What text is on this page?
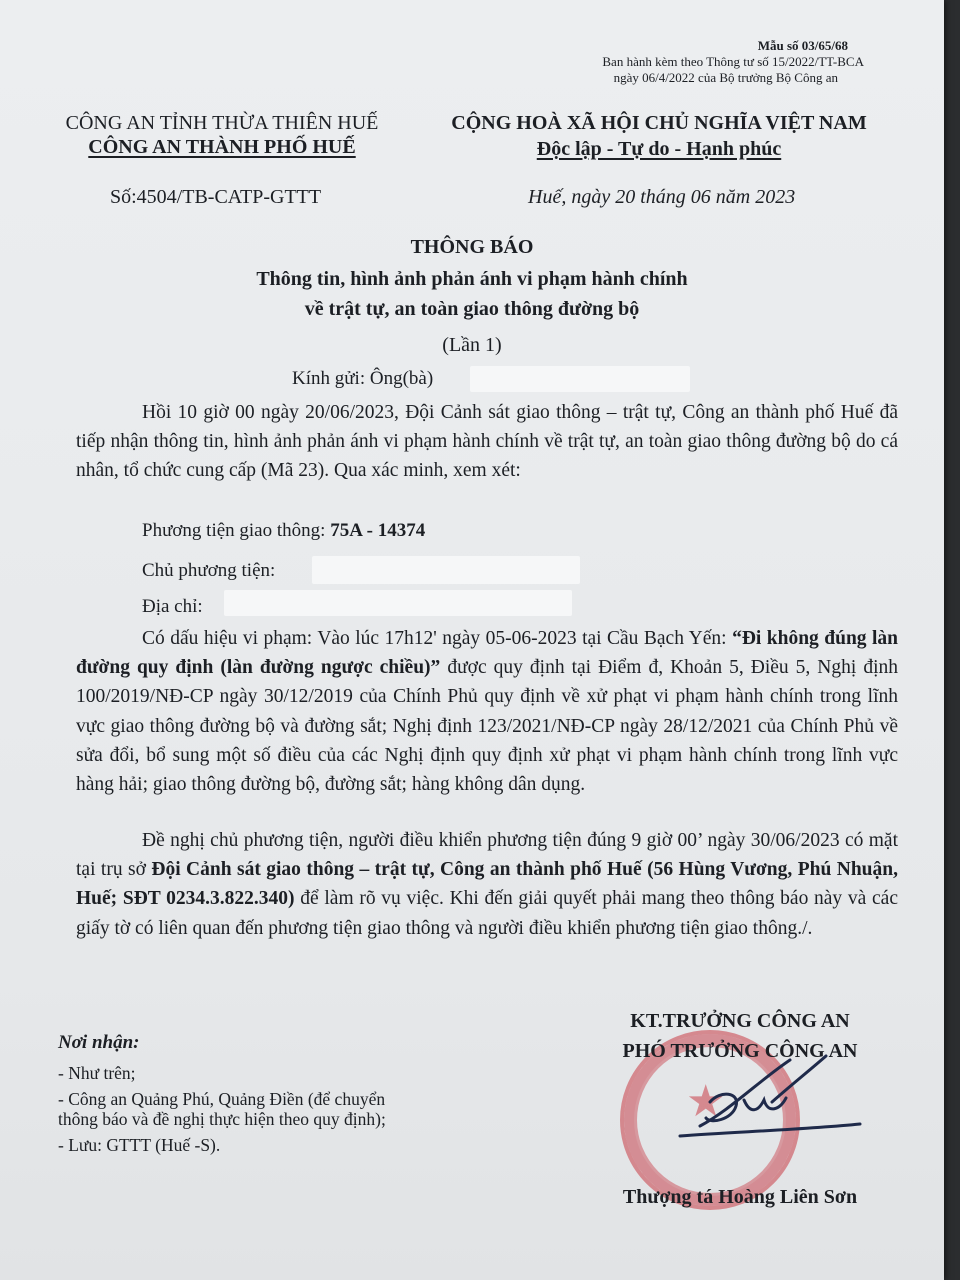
Mẫu số 03/65/68
Ban hành kèm theo Thông tư số 15/2022/TT-BCA
ngày 06/4/2022 của Bộ trưởng Bộ Công an
CÔNG AN TỈNH THỪA THIÊN HUẾ
CÔNG AN THÀNH PHỐ HUẾ
Số:4504/TB-CATP-GTTT
CỘNG HOÀ XÃ HỘI CHỦ NGHĨA VIỆT NAM
Độc lập - Tự do - Hạnh phúc
Huế, ngày 20 tháng 06 năm 2023
THÔNG BÁO
Thông tin, hình ảnh phản ánh vi phạm hành chính
về trật tự, an toàn giao thông đường bộ
(Lần 1)
Kính gửi: Ông(bà)

Hồi 10 giờ 00 ngày 20/06/2023, Đội Cảnh sát giao thông – trật tự, Công an thành phố Huế đã tiếp nhận thông tin, hình ảnh phản ánh vi phạm hành chính về trật tự, an toàn giao thông đường bộ do cá nhân, tổ chức cung cấp (Mã 23). Qua xác minh, xem xét:

Phương tiện giao thông: 75A - 14374
Chủ phương tiện:
Địa chỉ:

Có dấu hiệu vi phạm: Vào lúc 17h12' ngày 05-06-2023 tại Cầu Bạch Yến: “Đi không đúng làn đường quy định (làn đường ngược chiều)” được quy định tại Điểm đ, Khoản 5, Điều 5, Nghị định 100/2019/NĐ-CP ngày 30/12/2019 của Chính Phủ quy định về xử phạt vi phạm hành chính trong lĩnh vực giao thông đường bộ và đường sắt; Nghị định 123/2021/NĐ-CP ngày 28/12/2021 của Chính Phủ về sửa đổi, bổ sung một số điều của các Nghị định quy định xử phạt vi phạm hành chính trong lĩnh vực hàng hải; giao thông đường bộ, đường sắt; hàng không dân dụng.

Đề nghị chủ phương tiện, người điều khiển phương tiện đúng 9 giờ 00’ ngày 30/06/2023 có mặt tại trụ sở Đội Cảnh sát giao thông – trật tự, Công an thành phố Huế (56 Hùng Vương, Phú Nhuận, Huế; SĐT 0234.3.822.340) để làm rõ vụ việc. Khi đến giải quyết phải mang theo thông báo này và các giấy tờ có liên quan đến phương tiện giao thông và người điều khiển phương tiện giao thông./.

Nơi nhận:
- Như trên;
- Công an Quảng Phú, Quảng Điền (để chuyển
thông báo và đề nghị thực hiện theo quy định);
- Lưu: GTTT (Huế -S).
★
KT.TRƯỞNG CÔNG AN
PHÓ TRƯỞNG CÔNG AN
Thượng tá Hoàng Liên Sơn
